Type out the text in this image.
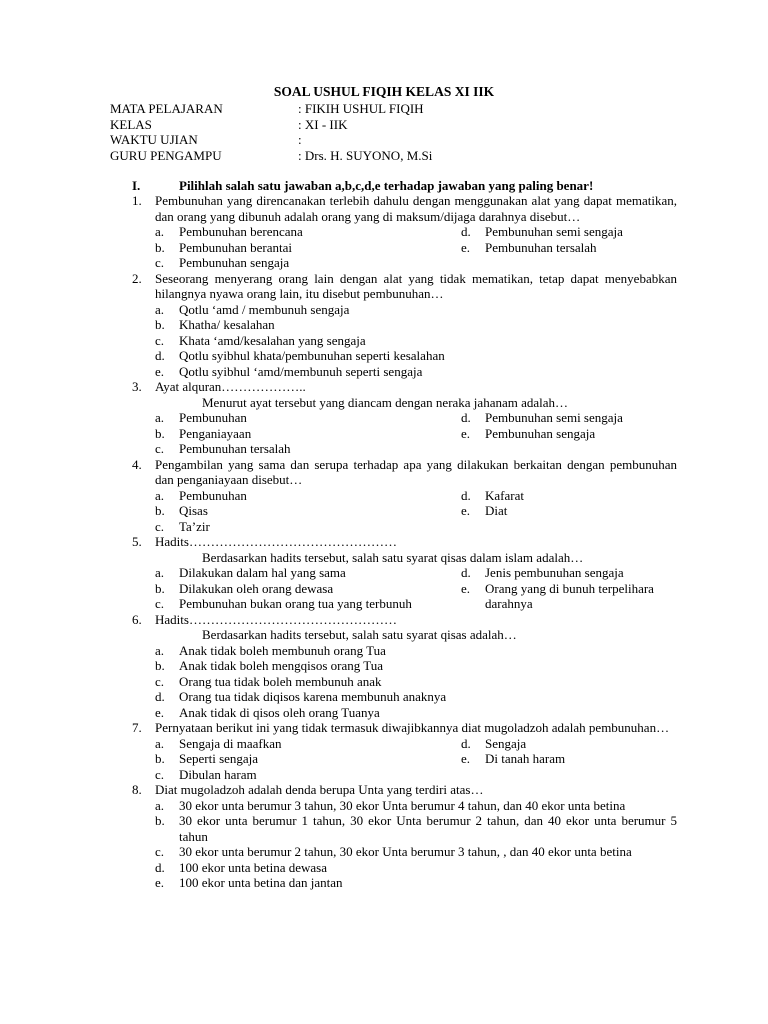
SOAL USHUL FIQIH KELAS XI IIK
MATA PELAJARAN	: FIKIH USHUL FIQIH
KELAS	: XI - IIK
WAKTU UJIAN	:
GURU PENGAMPU	: Drs. H. SUYONO, M.Si
I.	Pilihlah salah satu jawaban a,b,c,d,e terhadap jawaban yang paling benar!
1. Pembunuhan yang direncanakan terlebih dahulu dengan menggunakan alat yang dapat mematikan, dan orang yang dibunuh adalah orang yang di maksum/dijaga darahnya disebut…
a.	Pembunuhan berencana
b.	Pembunuhan berantai
c.	Pembunuhan sengaja
d.	Pembunuhan semi sengaja
e.	Pembunuhan tersalah
2. Seseorang menyerang orang lain dengan alat yang tidak mematikan, tetap dapat menyebabkan hilangnya nyawa orang lain, itu disebut pembunuhan…
a.	Qotlu ‘amd / membunuh sengaja
b.	Khatha/ kesalahan
c.	Khata ‘amd/kesalahan yang sengaja
d.	Qotlu syibhul khata/pembunuhan seperti kesalahan
e.	Qotlu syibhul ‘amd/membunuh seperti sengaja
3. Ayat alquran………………..
Menurut ayat tersebut yang diancam dengan neraka jahanam adalah…
a.	Pembunuhan
b.	Penganiayaan
c.	Pembunuhan tersalah
d.	Pembunuhan semi sengaja
e.	Pembunuhan sengaja
4. Pengambilan yang sama dan serupa terhadap apa yang dilakukan berkaitan dengan pembunuhan dan penganiayaan disebut…
a.	Pembunuhan
b.	Qisas
c.	Ta’zir
d.	Kafarat
e.	Diat
5. Hadits…………………………………………
Berdasarkan hadits tersebut, salah satu syarat qisas dalam islam adalah…
a.	Dilakukan dalam hal yang sama
b.	Dilakukan oleh orang dewasa
c.	Pembunuhan bukan orang tua yang terbunuh
d.	Jenis pembunuhan sengaja
e.	Orang yang di bunuh terpelihara darahnya
6. Hadits…………………………………………
Berdasarkan hadits tersebut, salah satu syarat qisas adalah…
a.	Anak tidak boleh membunuh orang Tua
b.	Anak tidak boleh mengqisos orang Tua
c.	Orang tua tidak boleh membunuh anak
d.	Orang tua tidak diqisos karena membunuh anaknya
e.	Anak tidak di qisos oleh orang Tuanya
7. Pernyataan berikut ini yang tidak termasuk diwajibkannya diat mugoladzoh adalah pembunuhan…
a.	Sengaja di maafkan
b.	Seperti sengaja
c.	Dibulan haram
d.	Sengaja
e.	Di tanah haram
8. Diat mugoladzoh adalah denda berupa Unta yang terdiri atas…
a.	30 ekor unta berumur 3 tahun, 30 ekor Unta berumur 4 tahun, dan 40 ekor unta betina
b.	30 ekor unta berumur 1 tahun, 30 ekor Unta berumur 2 tahun, dan 40 ekor unta berumur 5 tahun
c.	30 ekor unta berumur 2 tahun, 30 ekor Unta berumur 3 tahun, , dan 40 ekor unta betina
d.	100 ekor unta betina dewasa
e.	100 ekor unta betina dan jantan
